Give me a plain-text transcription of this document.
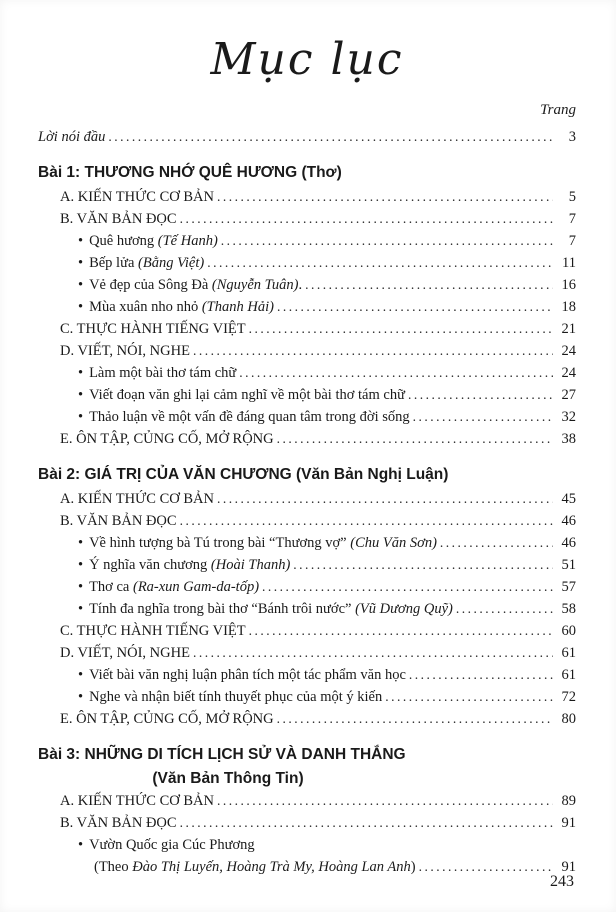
Mục lục
Trang
Lời nói đầu .....	3
Bài 1: THƯƠNG NHỚ QUÊ HƯƠNG (Thơ)
A. KIẾN THỨC CƠ BẢN .....	5
B. VĂN BẢN ĐỌC .....	7
• Quê hương (Tế Hanh) .....	7
• Bếp lửa (Bằng Việt) .....	11
• Vẻ đẹp của Sông Đà (Nguyễn Tuân). .....	16
• Mùa xuân nho nhỏ (Thanh Hải) .....	18
C. THỰC HÀNH TIẾNG VIỆT .....	21
D. VIẾT, NÓI, NGHE .....	24
• Làm một bài thơ tám chữ .....	24
• Viết đoạn văn ghi lại cảm nghĩ về một bài thơ tám chữ .....	27
• Thảo luận về một vấn đề đáng quan tâm trong đời sống .....	32
E. ÔN TẬP, CỦNG CỐ, MỞ RỘNG .....	38
Bài 2: GIÁ TRỊ CỦA VĂN CHƯƠNG (Văn Bản Nghị Luận)
A. KIẾN THỨC CƠ BẢN .....	45
B. VĂN BẢN ĐỌC .....	46
• Về hình tượng bà Tú trong bài “Thương vợ” (Chu Văn Sơn) .....	46
• Ý nghĩa văn chương (Hoài Thanh) .....	51
• Thơ ca (Ra-xun Gam-da-tốp) .....	57
• Tính đa nghĩa trong bài thơ “Bánh trôi nước” (Vũ Dương Quỹ) .....	58
C. THỰC HÀNH TIẾNG VIỆT .....	60
D. VIẾT, NÓI, NGHE .....	61
• Viết bài văn nghị luận phân tích một tác phẩm văn học .....	61
• Nghe và nhận biết tính thuyết phục của một ý kiến .....	72
E. ÔN TẬP, CỦNG CỐ, MỞ RỘNG .....	80
Bài 3: NHỮNG DI TÍCH LỊCH SỬ VÀ DANH THẮNG
(Văn Bản Thông Tin)
A. KIẾN THỨC CƠ BẢN .....	89
B. VĂN BẢN ĐỌC .....	91
• Vườn Quốc gia Cúc Phương
(Theo Đào Thị Luyến, Hoàng Trà My, Hoàng Lan Anh) .....	91
243
